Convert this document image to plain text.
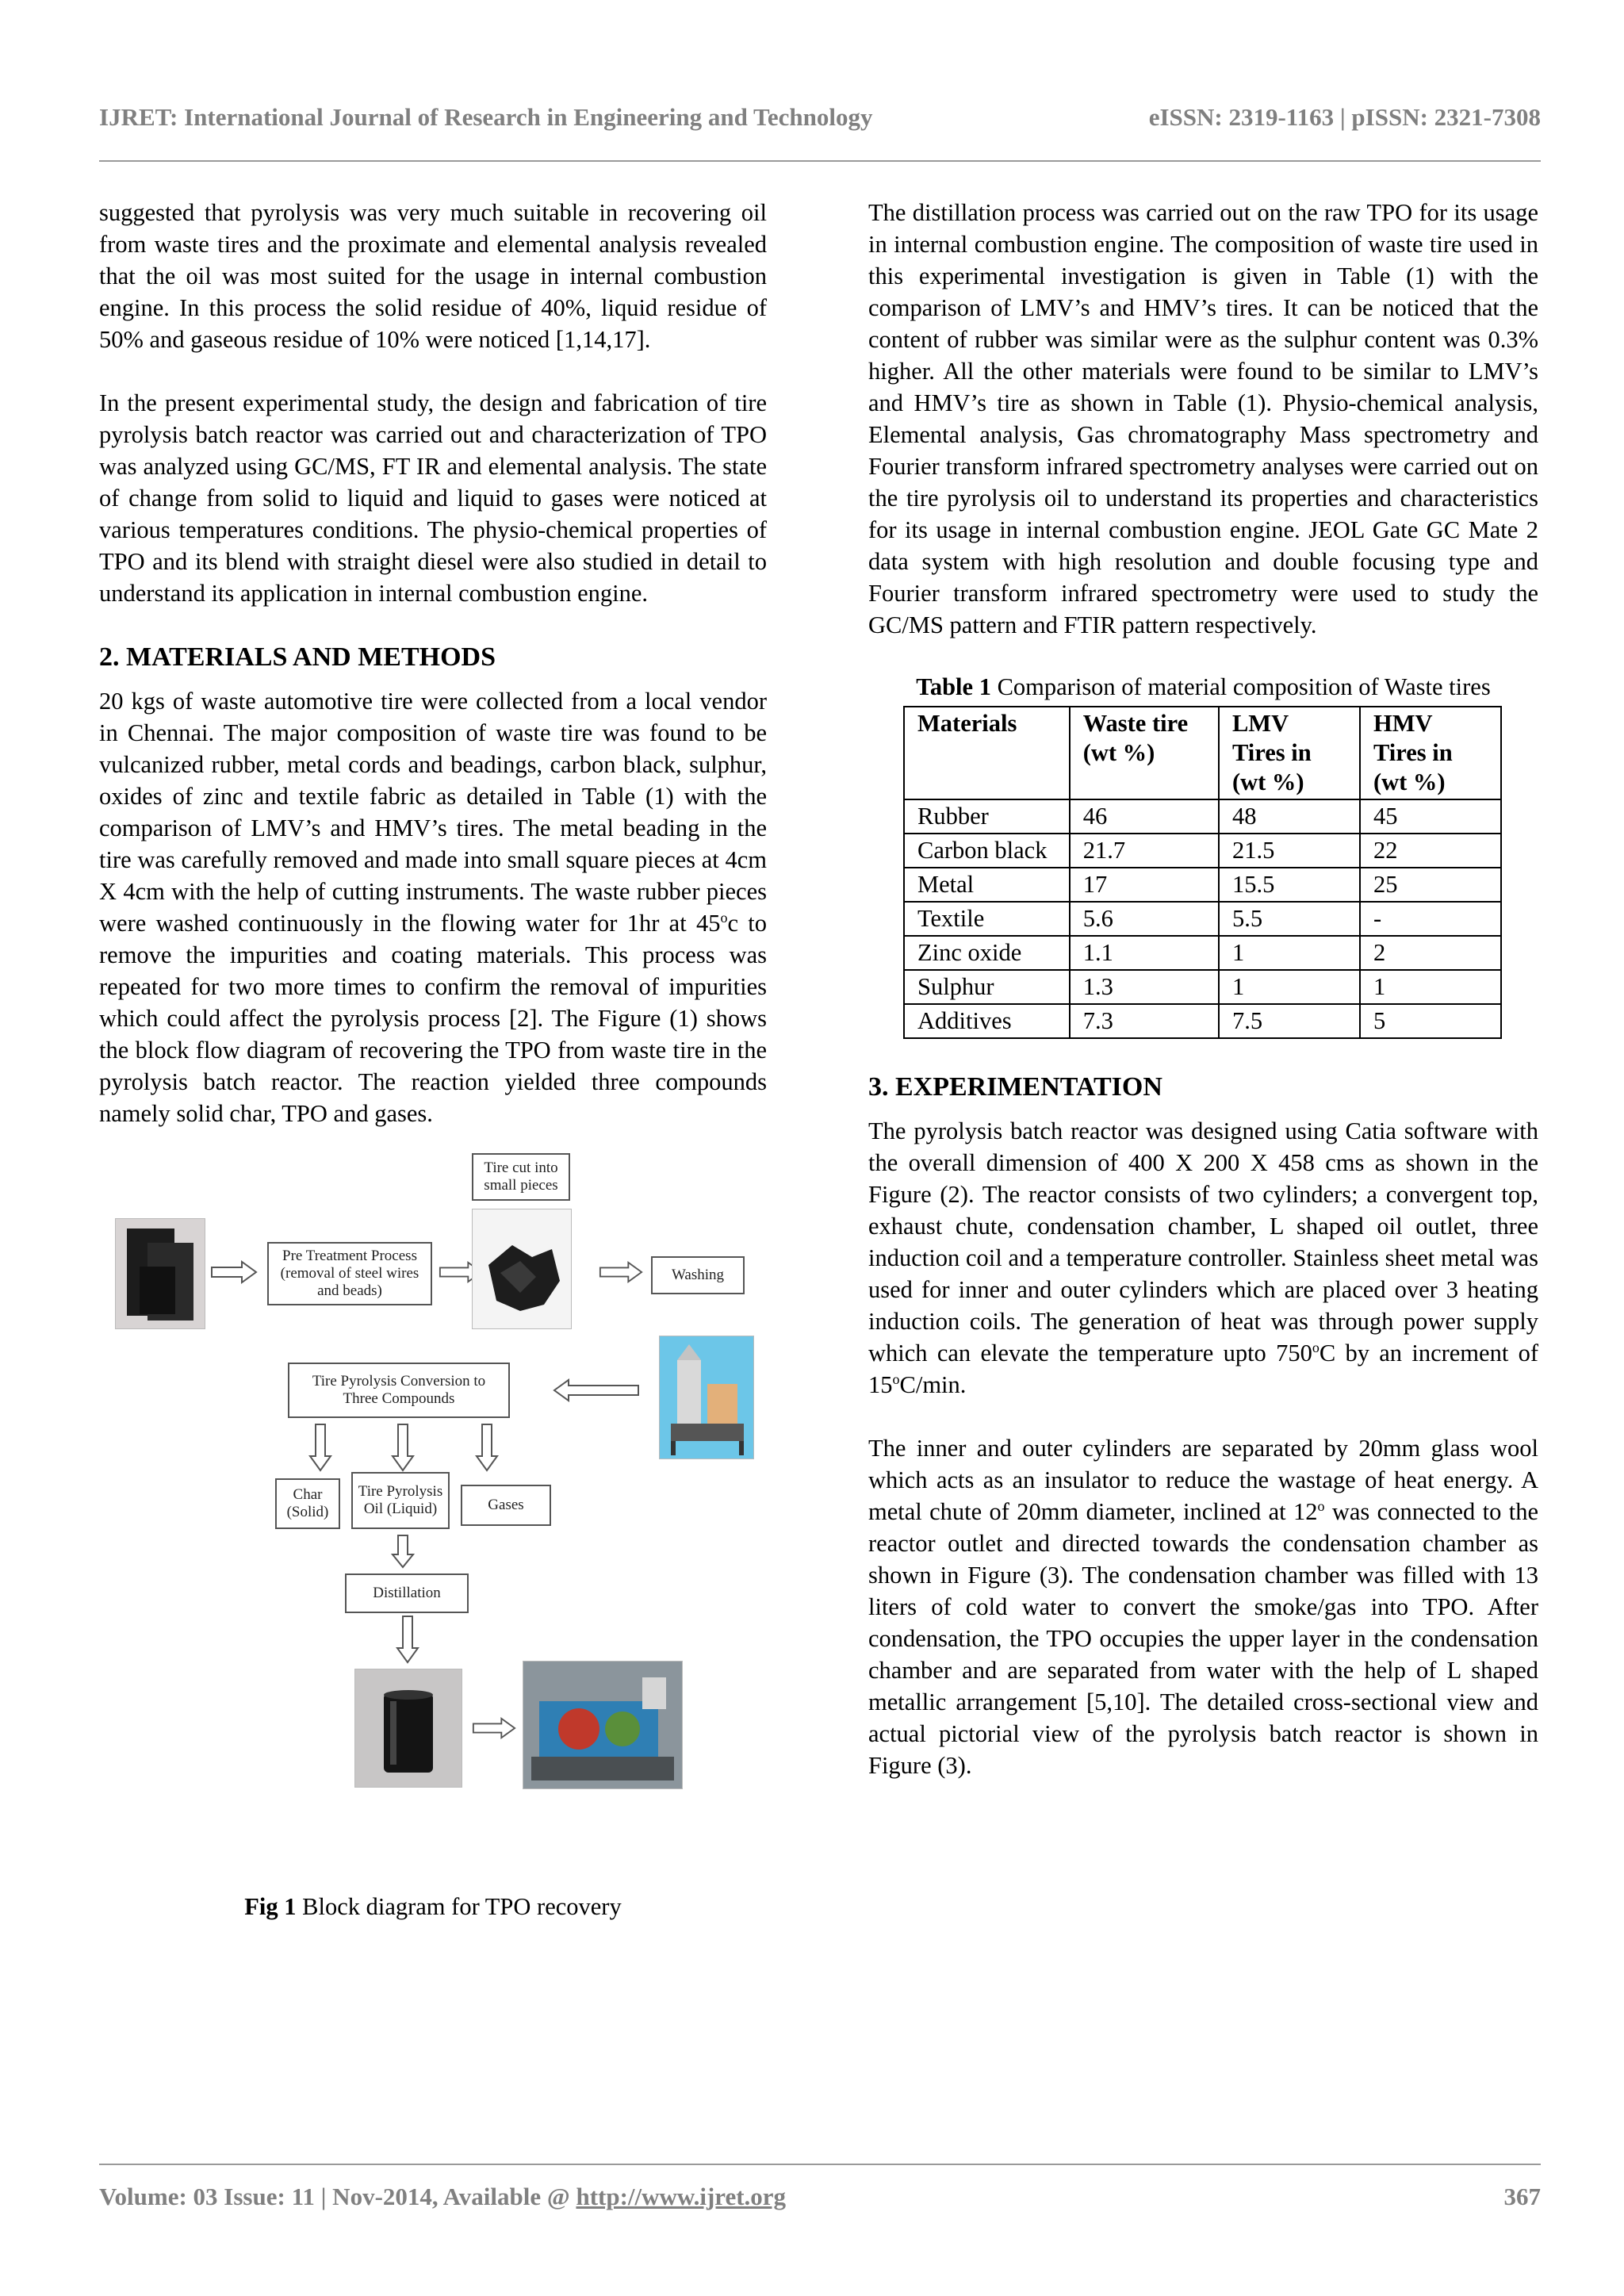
IJRET: International Journal of Research in Engineering and Technology	eISSN: 2319-1163 | pISSN: 2321-7308

suggested that pyrolysis was very much suitable in recovering oil from waste tires and the proximate and elemental analysis revealed that the oil was most suited for the usage in internal combustion engine. In this process the solid residue of 40%, liquid residue of 50% and gaseous residue of 10% were noticed [1,14,17].

In the present experimental study, the design and fabrication of tire pyrolysis batch reactor was carried out and characterization of TPO was analyzed using GC/MS, FT IR and elemental analysis. The state of change from solid to liquid and liquid to gases were noticed at various temperatures conditions. The physio-chemical properties of TPO and its blend with straight diesel were also studied in detail to understand its application in internal combustion engine.

2. MATERIALS AND METHODS

20 kgs of waste automotive tire were collected from a local vendor in Chennai. The major composition of waste tire was found to be vulcanized rubber, metal cords and beadings, carbon black, sulphur, oxides of zinc and textile fabric as detailed in Table (1) with the comparison of LMV’s and HMV’s tires. The metal beading in the tire was carefully removed and made into small square pieces at 4cm X 4cm with the help of cutting instruments. The waste rubber pieces were washed continuously in the flowing water for 1hr at 45$^o$c to remove the impurities and coating materials. This process was repeated for two more times to confirm the removal of impurities which could affect the pyrolysis process [2]. The Figure (1) shows the block flow diagram of recovering the TPO from waste tire in the pyrolysis batch reactor. The reaction yielded three compounds namely solid char, TPO and gases.

Pre Treatment Process (removal of steel wires and beads)
Tire cut into small pieces
Washing
Tire Pyrolysis Conversion to Three Compounds
Char (Solid)
Tire Pyrolysis Oil (Liquid)	Gases
Distillation
Fig 1 Block diagram for TPO recovery

The distillation process was carried out on the raw TPO for its usage in internal combustion engine. The composition of waste tire used in this experimental investigation is given in Table (1) with the comparison of LMV’s and HMV’s tires. It can be noticed that the content of rubber was similar were as the sulphur content was 0.3% higher. All the other materials were found to be similar to LMV’s and HMV’s tire as shown in Table (1). Physio-chemical analysis, Elemental analysis, Gas chromatography Mass spectrometry and Fourier transform infrared spectrometry analyses were carried out on the tire pyrolysis oil to understand its properties and characteristics for its usage in internal combustion engine. JEOL Gate GC Mate 2 data system with high resolution and double focusing type and Fourier transform infrared spectrometry were used to study the GC/MS pattern and FTIR pattern respectively.

Table 1 Comparison of material composition of Waste tires

Materials	Waste tire (wt %)	LMV Tires in (wt %)	HMV Tires in (wt %)
Rubber	46	48	45
Carbon black	21.7	21.5	22
Metal	17	15.5	25
Textile	5.6	5.5	-
Zinc oxide	1.1	1	2
Sulphur	1.3	1	1
Additives	7.3	7.5	5
3. EXPERIMENTATION

The pyrolysis batch reactor was designed using Catia software with the overall dimension of 400 X 200 X 458 cms as shown in the Figure (2). The reactor consists of two cylinders; a convergent top, exhaust chute, condensation chamber, L shaped oil outlet, three induction coil and a temperature controller. Stainless sheet metal was used for inner and outer cylinders which are placed over 3 heating induction coils. The generation of heat was through power supply which can elevate the temperature upto 750$^o$C by an increment of 15$^o$C/min.

The inner and outer cylinders are separated by 20mm glass wool which acts as an insulator to reduce the wastage of heat energy. A metal chute of 20mm diameter, inclined at 12$^o$ was connected to the reactor outlet and directed towards the condensation chamber as shown in Figure (3). The condensation chamber was filled with 13 liters of cold water to convert the smoke/gas into TPO. After condensation, the TPO occupies the upper layer in the condensation chamber and are separated from water with the help of L shaped metallic arrangement [5,10]. The detailed cross-sectional view and actual pictorial view of the pyrolysis batch reactor is shown in Figure (3).

Volume: 03 Issue: 11 | Nov-2014, Available @ http://www.ijret.org	367
